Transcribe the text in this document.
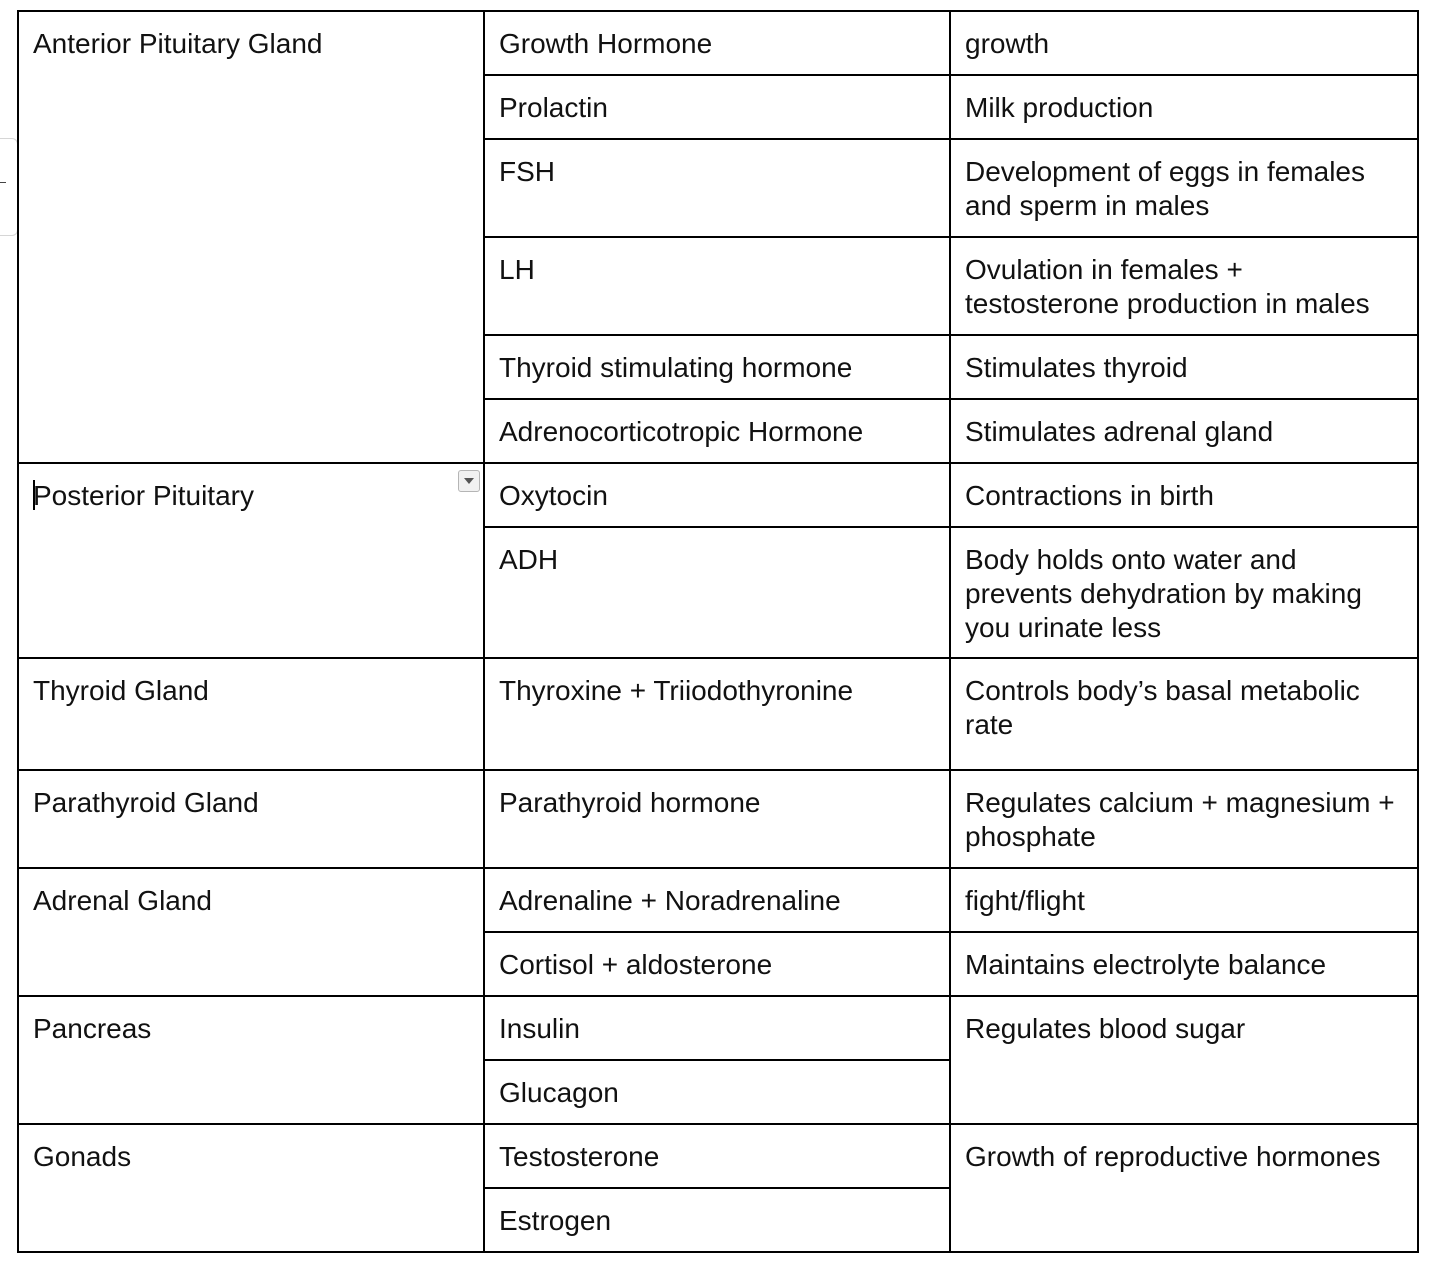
Anterior Pituitary Gland	Growth Hormone	growth
	Prolactin	Milk production
	FSH	Development of eggs in females and sperm in males
	LH	Ovulation in females + testosterone production in males
	Thyroid stimulating hormone	Stimulates thyroid
	Adrenocorticotropic Hormone	Stimulates adrenal gland
Posterior Pituitary	Oxytocin	Contractions in birth
	ADH	Body holds onto water and prevents dehydration by making you urinate less
Thyroid Gland	Thyroxine + Triiodothyronine	Controls body’s basal metabolic rate
Parathyroid Gland	Parathyroid hormone	Regulates calcium + magnesium + phosphate
Adrenal Gland	Adrenaline + Noradrenaline	fight/flight
	Cortisol + aldosterone	Maintains electrolyte balance
Pancreas	Insulin	Regulates blood sugar
	Glucagon	
Gonads	Testosterone	Growth of reproductive hormones
	Estrogen	
